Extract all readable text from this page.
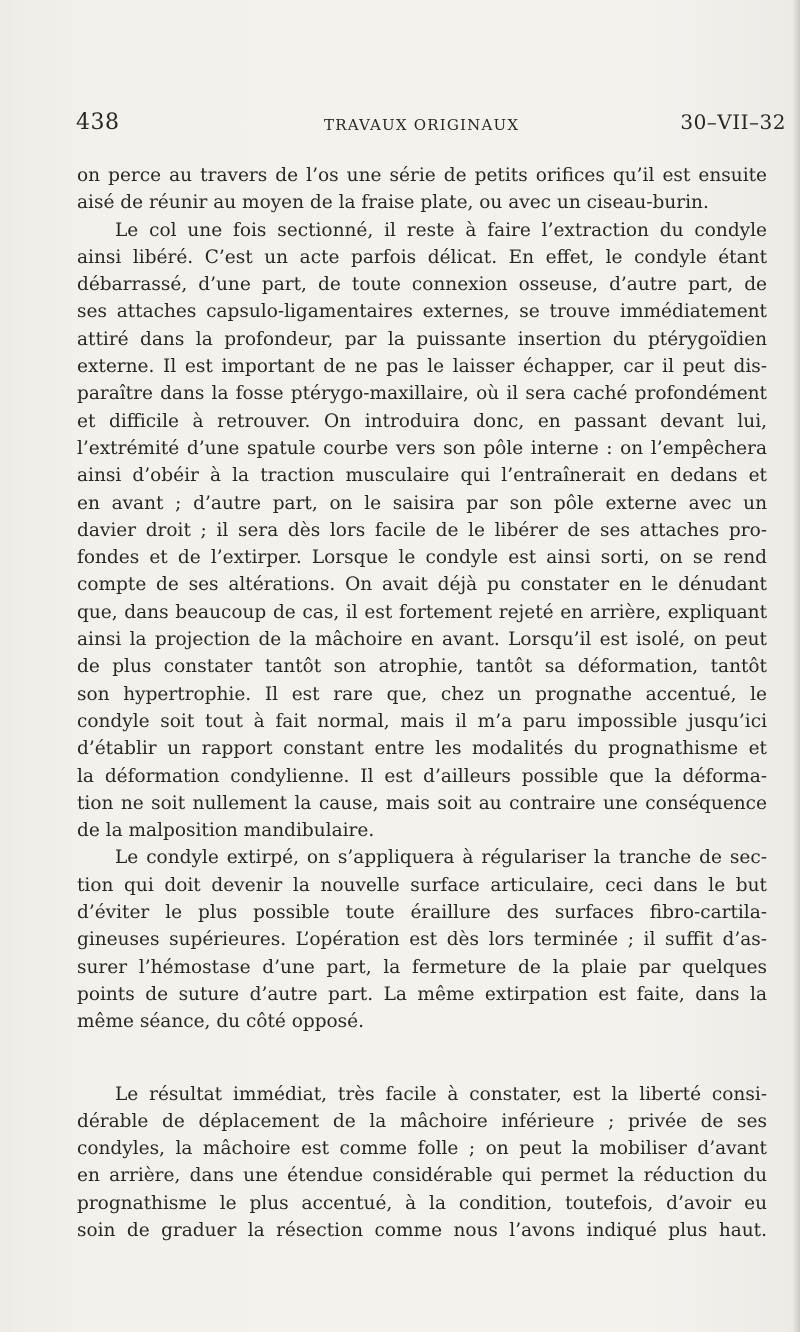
438	TRAVAUX ORIGINAUX	30–VII–32
on perce au travers de l’os une série de petits orifices qu’il est ensuite
aisé de réunir au moyen de la fraise plate, ou avec un ciseau-burin.
Le col une fois sectionné, il reste à faire l’extraction du condyle
ainsi libéré. C’est un acte parfois délicat. En effet, le condyle étant
débarrassé, d’une part, de toute connexion osseuse, d’autre part, de
ses attaches capsulo-ligamentaires externes, se trouve immédiatement
attiré dans la profondeur, par la puissante insertion du ptérygoïdien
externe. Il est important de ne pas le laisser échapper, car il peut dis-
paraître dans la fosse ptérygo-maxillaire, où il sera caché profondément
et difficile à retrouver. On introduira donc, en passant devant lui,
l’extrémité d’une spatule courbe vers son pôle interne : on l’empêchera
ainsi d’obéir à la traction musculaire qui l’entraînerait en dedans et
en avant ; d’autre part, on le saisira par son pôle externe avec un
davier droit ; il sera dès lors facile de le libérer de ses attaches pro-
fondes et de l’extirper. Lorsque le condyle est ainsi sorti, on se rend
compte de ses altérations. On avait déjà pu constater en le dénudant
que, dans beaucoup de cas, il est fortement rejeté en arrière, expliquant
ainsi la projection de la mâchoire en avant. Lorsqu’il est isolé, on peut
de plus constater tantôt son atrophie, tantôt sa déformation, tantôt
son hypertrophie. Il est rare que, chez un prognathe accentué, le
condyle soit tout à fait normal, mais il m’a paru impossible jusqu’ici
d’établir un rapport constant entre les modalités du prognathisme et
la déformation condylienne. Il est d’ailleurs possible que la déforma-
tion ne soit nullement la cause, mais soit au contraire une conséquence
de la malposition mandibulaire.
Le condyle extirpé, on s’appliquera à régulariser la tranche de sec-
tion qui doit devenir la nouvelle surface articulaire, ceci dans le but
d’éviter le plus possible toute éraillure des surfaces fibro-cartila-
gineuses supérieures. L’opération est dès lors terminée ; il suffit d’as-
surer l’hémostase d’une part, la fermeture de la plaie par quelques
points de suture d’autre part. La même extirpation est faite, dans la
même séance, du côté opposé.
Le résultat immédiat, très facile à constater, est la liberté consi-
dérable de déplacement de la mâchoire inférieure ; privée de ses
condyles, la mâchoire est comme folle ; on peut la mobiliser d’avant
en arrière, dans une étendue considérable qui permet la réduction du
prognathisme le plus accentué, à la condition, toutefois, d’avoir eu
soin de graduer la résection comme nous l’avons indiqué plus haut.
